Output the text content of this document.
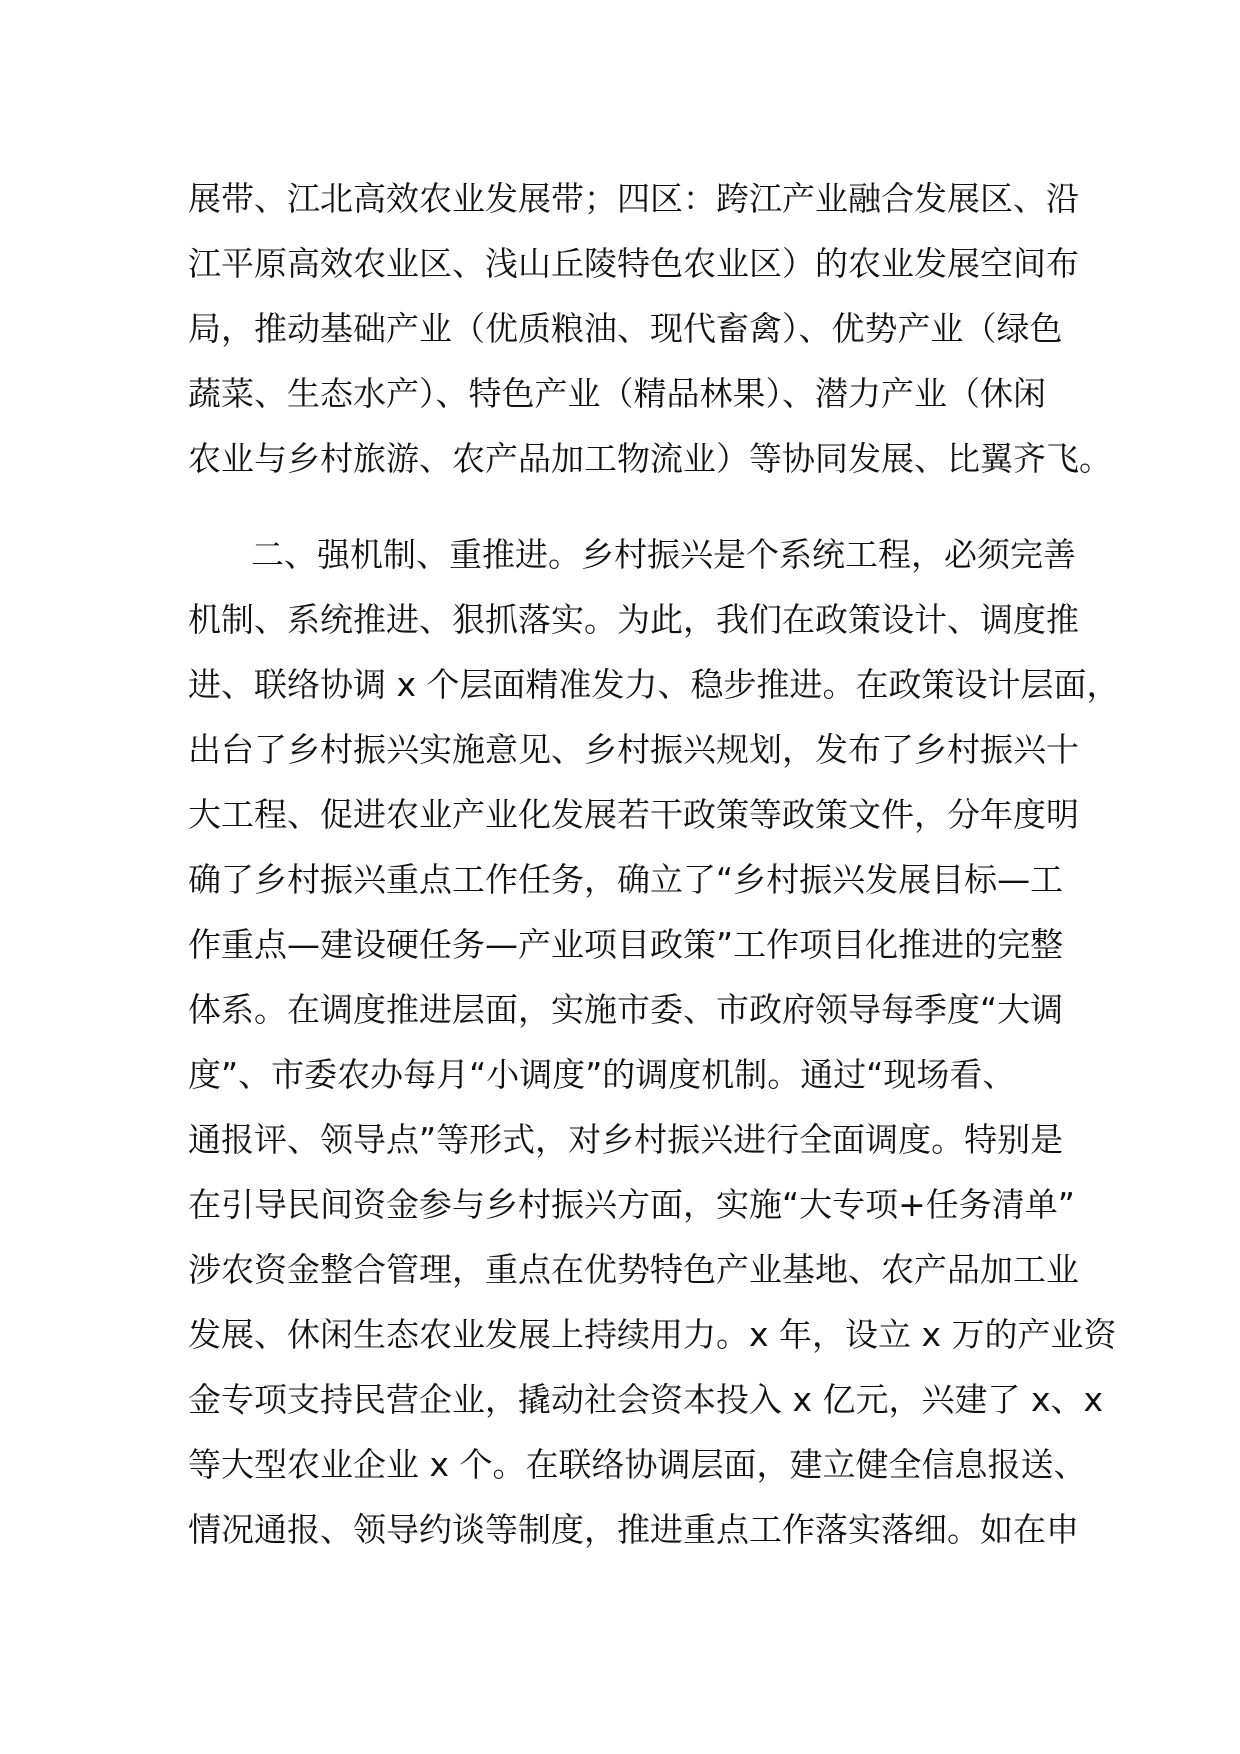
展带、江北高效农业发展带；四区：跨江产业融合发展区、沿
江平原高效农业区、浅山丘陵特色农业区）的农业发展空间布
局，推动基础产业（优质粮油、现代畜禽）、优势产业（绿色
蔬菜、生态水产）、特色产业（精品林果）、潜力产业（休闲
农业与乡村旅游、农产品加工物流业）等协同发展、比翼齐飞。
二、强机制、重推进。乡村振兴是个系统工程，必须完善
机制、系统推进、狠抓落实。为此，我们在政策设计、调度推
进、联络协调 x 个层面精准发力、稳步推进。在政策设计层面，
出台了乡村振兴实施意见、乡村振兴规划，发布了乡村振兴十
大工程、促进农业产业化发展若干政策等政策文件，分年度明
确了乡村振兴重点工作任务，确立了“乡村振兴发展目标—工
作重点—建设硬任务—产业项目政策”工作项目化推进的完整
体系。在调度推进层面，实施市委、市政府领导每季度“大调
度”、市委农办每月“小调度”的调度机制。通过“现场看、
通报评、领导点”等形式，对乡村振兴进行全面调度。特别是
在引导民间资金参与乡村振兴方面，实施“大专项+任务清单”
涉农资金整合管理，重点在优势特色产业基地、农产品加工业
发展、休闲生态农业发展上持续用力。x 年，设立 x 万的产业资
金专项支持民营企业，撬动社会资本投入 x 亿元，兴建了 x、x
等大型农业企业 x 个。在联络协调层面，建立健全信息报送、
情况通报、领导约谈等制度，推进重点工作落实落细。如在申
